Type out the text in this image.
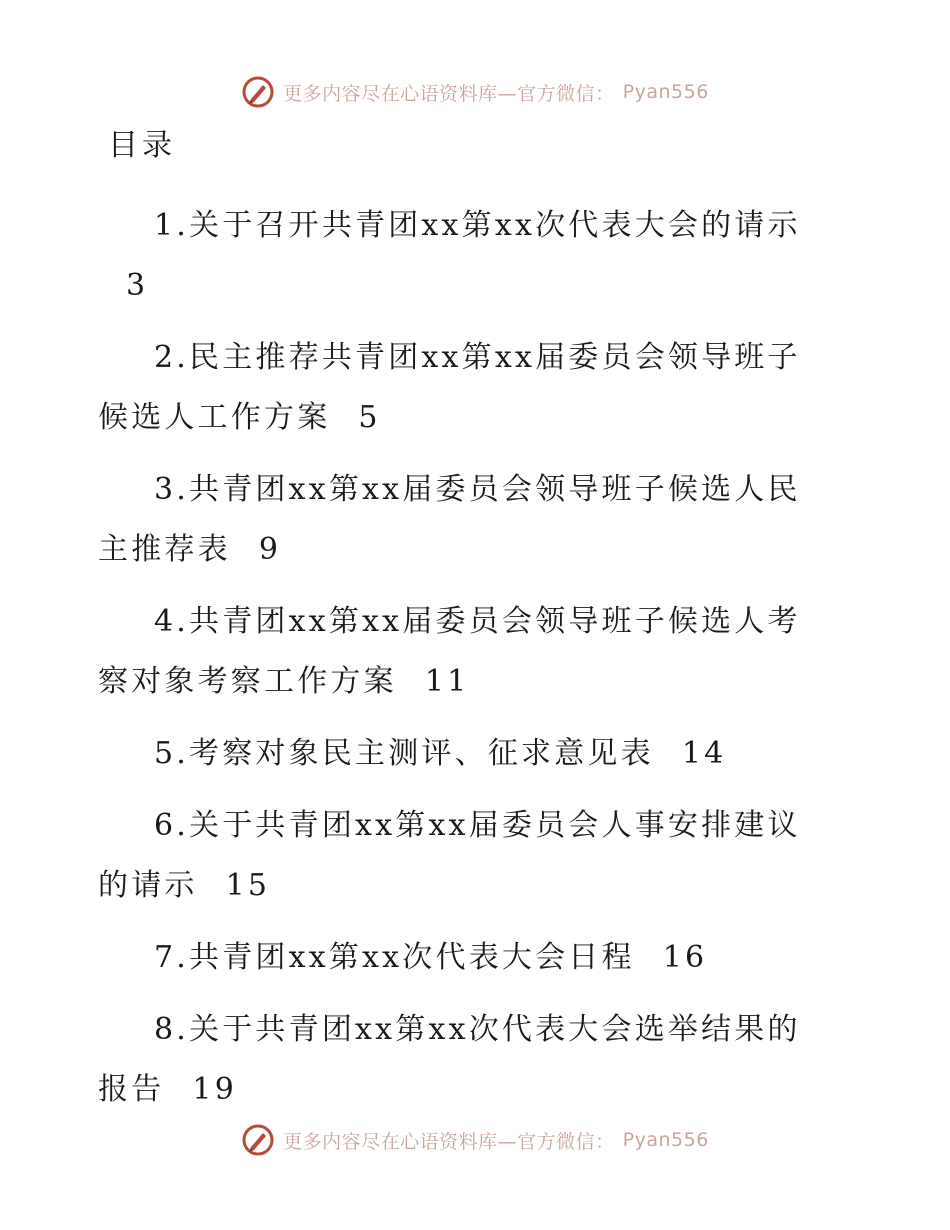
更多内容尽在心语资料库—官方微信： Pyan556
目录
1.关于召开共青团xx第xx次代表大会的请示3
2.民主推荐共青团xx第xx届委员会领导班子候选人工作方案 5
3.共青团xx第xx届委员会领导班子候选人民主推荐表 9
4.共青团xx第xx届委员会领导班子候选人考察对象考察工作方案 11
5.考察对象民主测评、征求意见表 14
6.关于共青团xx第xx届委员会人事安排建议的请示 15
7.共青团xx第xx次代表大会日程 16
8.关于共青团xx第xx次代表大会选举结果的报告 19
更多内容尽在心语资料库—官方微信： Pyan556
